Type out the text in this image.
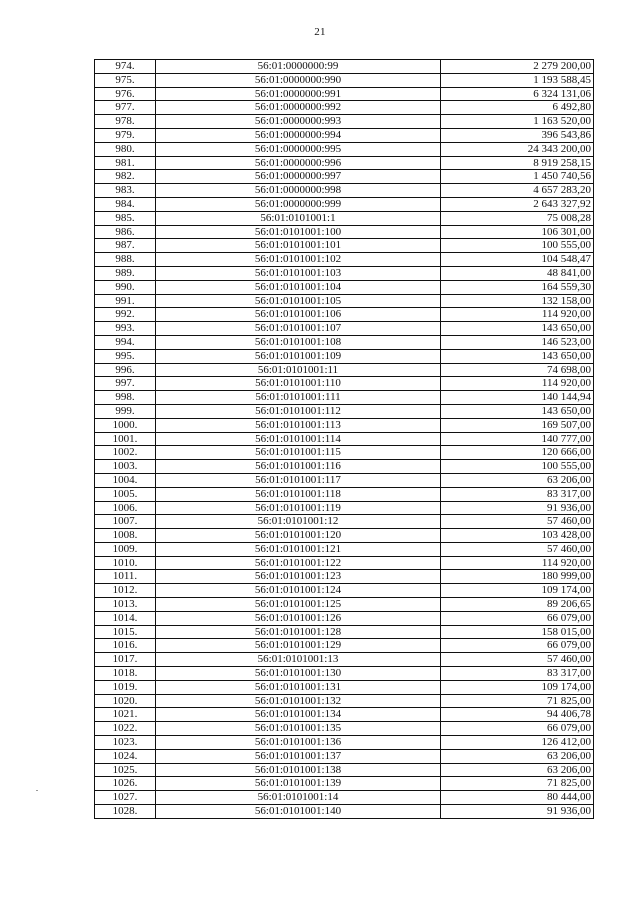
21
974.	56:01:0000000:99	2 279 200,00
975.	56:01:0000000:990	1 193 588,45
976.	56:01:0000000:991	6 324 131,06
977.	56:01:0000000:992	6 492,80
978.	56:01:0000000:993	1 163 520,00
979.	56:01:0000000:994	396 543,86
980.	56:01:0000000:995	24 343 200,00
981.	56:01:0000000:996	8 919 258,15
982.	56:01:0000000:997	1 450 740,56
983.	56:01:0000000:998	4 657 283,20
984.	56:01:0000000:999	2 643 327,92
985.	56:01:0101001:1	75 008,28
986.	56:01:0101001:100	106 301,00
987.	56:01:0101001:101	100 555,00
988.	56:01:0101001:102	104 548,47
989.	56:01:0101001:103	48 841,00
990.	56:01:0101001:104	164 559,30
991.	56:01:0101001:105	132 158,00
992.	56:01:0101001:106	114 920,00
993.	56:01:0101001:107	143 650,00
994.	56:01:0101001:108	146 523,00
995.	56:01:0101001:109	143 650,00
996.	56:01:0101001:11	74 698,00
997.	56:01:0101001:110	114 920,00
998.	56:01:0101001:111	140 144,94
999.	56:01:0101001:112	143 650,00
1000.	56:01:0101001:113	169 507,00
1001.	56:01:0101001:114	140 777,00
1002.	56:01:0101001:115	120 666,00
1003.	56:01:0101001:116	100 555,00
1004.	56:01:0101001:117	63 206,00
1005.	56:01:0101001:118	83 317,00
1006.	56:01:0101001:119	91 936,00
1007.	56:01:0101001:12	57 460,00
1008.	56:01:0101001:120	103 428,00
1009.	56:01:0101001:121	57 460,00
1010.	56:01:0101001:122	114 920,00
1011.	56:01:0101001:123	180 999,00
1012.	56:01:0101001:124	109 174,00
1013.	56:01:0101001:125	89 206,65
1014.	56:01:0101001:126	66 079,00
1015.	56:01:0101001:128	158 015,00
1016.	56:01:0101001:129	66 079,00
1017.	56:01:0101001:13	57 460,00
1018.	56:01:0101001:130	83 317,00
1019.	56:01:0101001:131	109 174,00
1020.	56:01:0101001:132	71 825,00
1021.	56:01:0101001:134	94 406,78
1022.	56:01:0101001:135	66 079,00
1023.	56:01:0101001:136	126 412,00
1024.	56:01:0101001:137	63 206,00
1025.	56:01:0101001:138	63 206,00
1026.	56:01:0101001:139	71 825,00
1027.	56:01:0101001:14	80 444,00
1028.	56:01:0101001:140	91 936,00
